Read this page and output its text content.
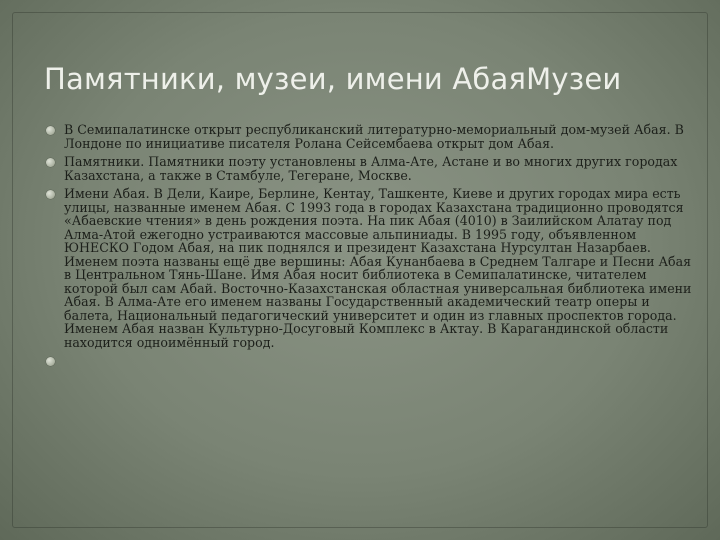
Памятники, музеи, имени АбаяМузеи
В Семипалатинске открыт республиканский литературно-мемориальный дом-музей Абая. В Лондоне по инициативе писателя Ролана Сейсембаева открыт дом Абая.
Памятники. Памятники поэту установлены в Алма-Ате, Астане и во многих других городах Казахстана, а также в Стамбуле, Тегеране, Москве.
Имени Абая. В Дели, Каире, Берлине, Кентау, Ташкенте, Киеве и других городах мира есть улицы, названные именем Абая. С 1993 года в городах Казахстана традиционно проводятся «Абаевские чтения» в день рождения поэта. На пик Абая (4010) в Заилийском Алатау под Алма-Атой ежегодно устраиваются массовые альпиниады. В 1995 году, объявленном ЮНЕСКО Годом Абая, на пик поднялся и президент Казахстана Нурсултан Назарбаев. Именем поэта названы ещё две вершины: Абая Кунанбаева в Среднем Талгаре и Песни Абая в Центральном Тянь-Шане. Имя Абая носит библиотека в Семипалатинске, читателем которой был сам Абай. Восточно-Казахстанская областная универсальная библиотека имени Абая. В Алма-Ате его именем названы Государственный академический театр оперы и балета, Национальный педагогический университет и один из главных проспектов города. Именем Абая назван Культурно-Досуговый Комплекс в Актау. В Карагандинской области находится одноимённый город.
